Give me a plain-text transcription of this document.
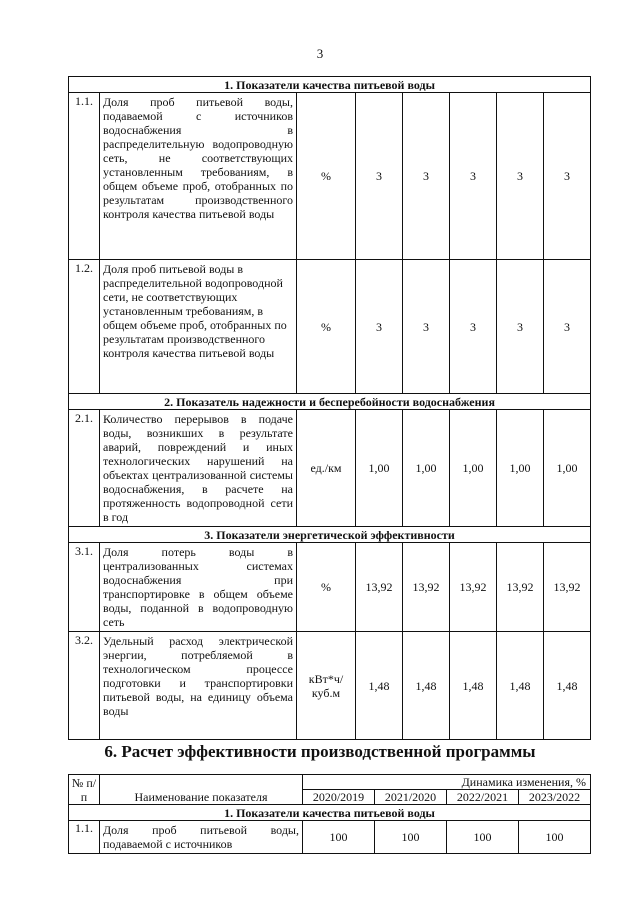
3
1. Показатели качества питьевой воды							
1.1.	Доля проб питьевой воды, подаваемой с источников водоснабжения в распределительную водопроводную сеть, не соответствующих установленным требованиям, в общем объеме проб, отобранных по результатам производственного контроля качества питьевой воды	%	3	3	3	3	3
1.2.	Доля проб питьевой воды в распределительной водопроводной сети, не соответствующих установленным требованиям, в общем объеме проб, отобранных по результатам производственного контроля качества питьевой воды	%	3	3	3	3	3
2. Показатель надежности и бесперебойности водоснабжения							
2.1.	Количество перерывов в подаче воды, возникших в результате аварий, повреждений и иных технологических нарушений на объектах централизованной системы водоснабжения, в расчете на протяженность водопроводной сети в год	ед./км	1,00	1,00	1,00	1,00	1,00
3. Показатели энергетической эффективности							
3.1.	Доля потерь воды в централизованных системах водоснабжения при транспортировке в общем объеме воды, поданной в водопроводную сеть	%	13,92	13,92	13,92	13,92	13,92
3.2.	Удельный расход электрической энергии, потребляемой в технологическом процессе подготовки и транспортировки питьевой воды, на единицу объема воды	кВт*ч/ куб.м	1,48	1,48	1,48	1,48	1,48
6. Расчет эффективности производственной программы
№ п/п	Наименование показателя	Динамика изменения, %			
		2020/2019	2021/2020	2022/2021	2023/2022
1. Показатели качества питьевой воды					
1.1.	Доля проб питьевой воды, подаваемой с источников	100	100	100	100
